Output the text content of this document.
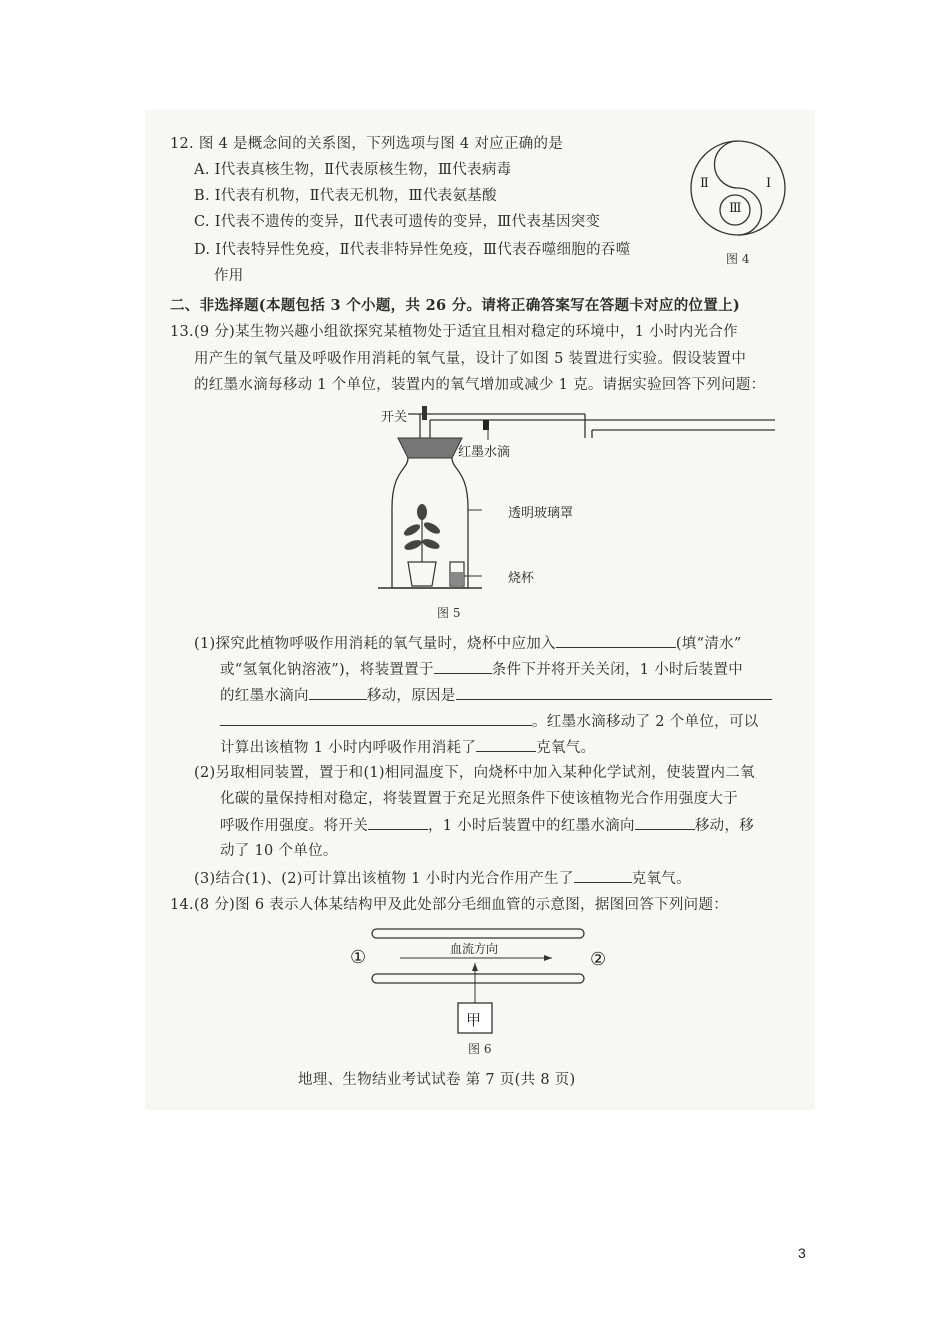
12. 图 4 是概念间的关系图，下列选项与图 4 对应正确的是
A. Ⅰ代表真核生物，Ⅱ代表原核生物，Ⅲ代表病毒
B. Ⅰ代表有机物，Ⅱ代表无机物，Ⅲ代表氨基酸
C. Ⅰ代表不遗传的变异，Ⅱ代表可遗传的变异，Ⅲ代表基因突变
D. Ⅰ代表特异性免疫，Ⅱ代表非特异性免疫，Ⅲ代表吞噬细胞的吞噬
作用
Ⅱ	Ⅰ
Ⅲ
图 4
二、非选择题(本题包括 3 个小题，共 26 分。请将正确答案写在答题卡对应的位置上)
13.(9 分)某生物兴趣小组欲探究某植物处于适宜且相对稳定的环境中，1 小时内光合作
用产生的氧气量及呼吸作用消耗的氧气量，设计了如图 5 装置进行实验。假设装置中
的红墨水滴每移动 1 个单位，装置内的氧气增加或减少 1 克。请据实验回答下列问题：
开关
红墨水滴
透明玻璃罩
烧杯
图 5
(1)探究此植物呼吸作用消耗的氧气量时，烧杯中应加入	(填“清水”
或“氢氧化钠溶液”)，将装置置于	条件下并将开关关闭，1 小时后装置中
的红墨水滴向	移动，原因是
。红墨水滴移动了 2 个单位，可以
计算出该植物 1 小时内呼吸作用消耗了	克氧气。
(2)另取相同装置，置于和(1)相同温度下，向烧杯中加入某种化学试剂，使装置内二氧
化碳的量保持相对稳定，将装置置于充足光照条件下使该植物光合作用强度大于
呼吸作用强度。将开关	，1 小时后装置中的红墨水滴向	移动，移
动了 10 个单位。
(3)结合(1)、(2)可计算出该植物 1 小时内光合作用产生了	克氧气。
14.(8 分)图 6 表示人体某结构甲及此处部分毛细血管的示意图，据图回答下列问题：
血流方向
①	②
甲
图 6
地理、生物结业考试试卷 第 7 页(共 8 页)
3
